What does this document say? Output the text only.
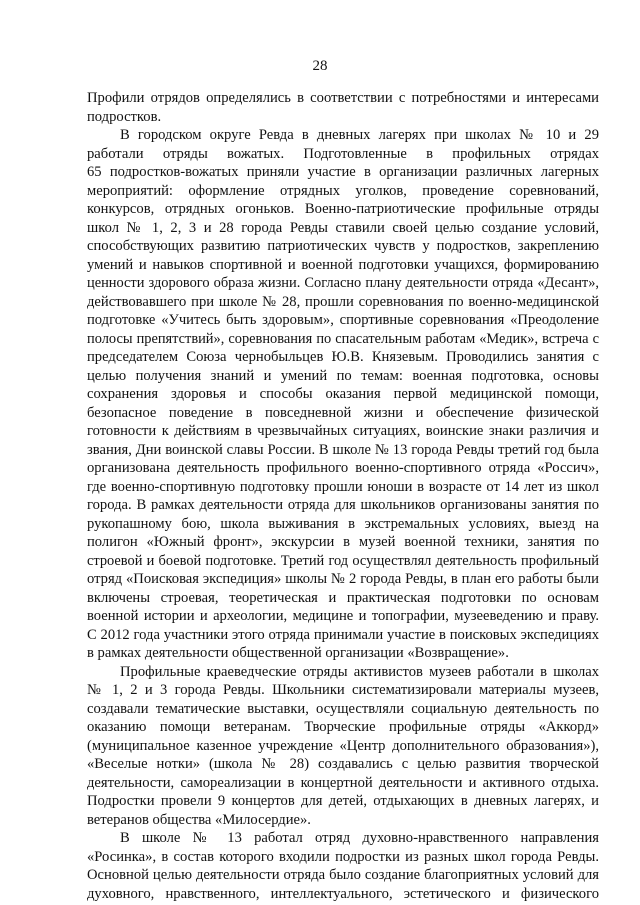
28
Профили отрядов определялись в соответствии с потребностями и интересами
подростков.
В городском округе Ревда в дневных лагерях при школах № 10 и 29
работали отряды вожатых. Подготовленные в профильных отрядах
65 подростков-вожатых приняли участие в организации различных лагерных
мероприятий: оформление отрядных уголков, проведение соревнований,
конкурсов, отрядных огоньков. Военно-патриотические профильные отряды
школ № 1, 2, 3 и 28 города Ревды ставили своей целью создание условий,
способствующих развитию патриотических чувств у подростков, закреплению
умений и навыков спортивной и военной подготовки учащихся, формированию
ценности здорового образа жизни. Согласно плану деятельности отряда «Десант»,
действовавшего при школе № 28, прошли соревнования по военно-медицинской
подготовке «Учитесь быть здоровым», спортивные соревнования «Преодоление
полосы препятствий», соревнования по спасательным работам «Медик», встреча с
председателем Союза чернобыльцев Ю.В. Князевым. Проводились занятия с
целью получения знаний и умений по темам: военная подготовка, основы
сохранения здоровья и способы оказания первой медицинской помощи,
безопасное поведение в повседневной жизни и обеспечение физической
готовности к действиям в чрезвычайных ситуациях, воинские знаки различия и
звания, Дни воинской славы России. В школе № 13 города Ревды третий год была
организована деятельность профильного военно-спортивного отряда «Россич»,
где военно-спортивную подготовку прошли юноши в возрасте от 14 лет из школ
города. В рамках деятельности отряда для школьников организованы занятия по
рукопашному бою, школа выживания в экстремальных условиях, выезд на
полигон «Южный фронт», экскурсии в музей военной техники, занятия по
строевой и боевой подготовке. Третий год осуществлял деятельность профильный
отряд «Поисковая экспедиция» школы № 2 города Ревды, в план его работы были
включены строевая, теоретическая и практическая подготовки по основам
военной истории и археологии, медицине и топографии, музееведению и праву.
С 2012 года участники этого отряда принимали участие в поисковых экспедициях
в рамках деятельности общественной организации «Возвращение».
Профильные краеведческие отряды активистов музеев работали в школах
№ 1, 2 и 3 города Ревды. Школьники систематизировали материалы музеев,
создавали тематические выставки, осуществляли социальную деятельность по
оказанию помощи ветеранам. Творческие профильные отряды «Аккорд»
(муниципальное казенное учреждение «Центр дополнительного образования»),
«Веселые нотки» (школа № 28) создавались с целью развития творческой
деятельности, самореализации в концертной деятельности и активного отдыха.
Подростки провели 9 концертов для детей, отдыхающих в дневных лагерях, и
ветеранов общества «Милосердие».
В школе № 13 работал отряд духовно-нравственного направления
«Росинка», в состав которого входили подростки из разных школ города Ревды.
Основной целью деятельности отряда было создание благоприятных условий для
духовного, нравственного, интеллектуального, эстетического и физического
